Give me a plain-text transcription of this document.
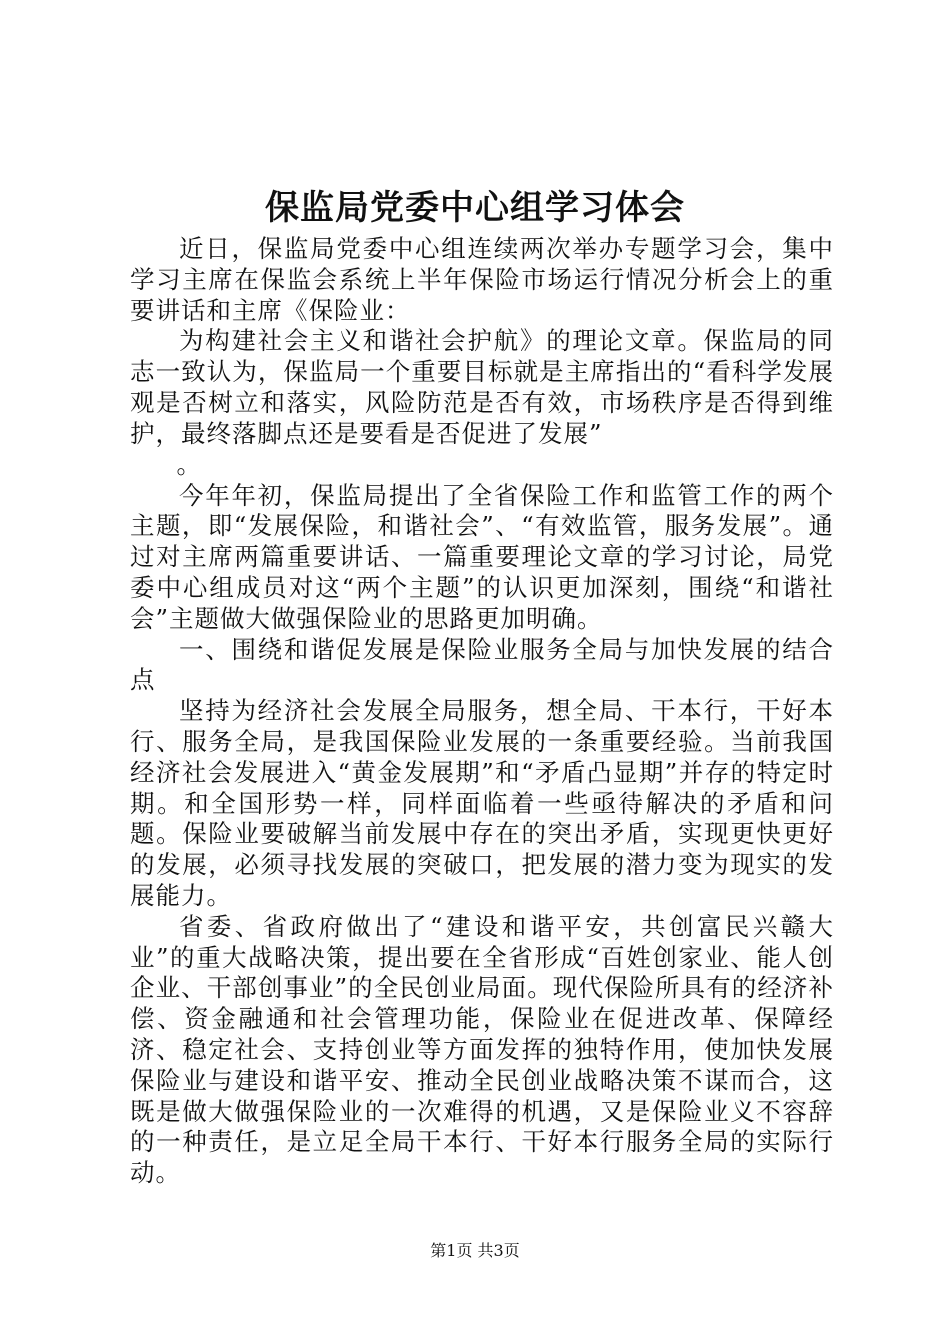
保监局党委中心组学习体会

近日，保监局党委中心组连续两次举办专题学习会，集中学习主席在保监会系统上半年保险市场运行情况分析会上的重要讲话和主席《保险业：

为构建社会主义和谐社会护航》的理论文章。保监局的同志一致认为，保监局一个重要目标就是主席指出的“看科学发展观是否树立和落实，风险防范是否有效，市场秩序是否得到维护，最终落脚点还是要看是否促进了发展”

。

今年年初，保监局提出了全省保险工作和监管工作的两个主题，即“发展保险，和谐社会”、“有效监管，服务发展”。通过对主席两篇重要讲话、一篇重要理论文章的学习讨论，局党委中心组成员对这“两个主题”的认识更加深刻，围绕“和谐社会”主题做大做强保险业的思路更加明确。

一、围绕和谐促发展是保险业服务全局与加快发展的结合点

坚持为经济社会发展全局服务，想全局、干本行，干好本行、服务全局，是我国保险业发展的一条重要经验。当前我国经济社会发展进入“黄金发展期”和“矛盾凸显期”并存的特定时期。和全国形势一样，同样面临着一些亟待解决的矛盾和问题。保险业要破解当前发展中存在的突出矛盾，实现更快更好的发展，必须寻找发展的突破口，把发展的潜力变为现实的发展能力。

省委、省政府做出了“建设和谐平安，共创富民兴赣大业”的重大战略决策，提出要在全省形成“百姓创家业、能人创企业、干部创事业”的全民创业局面。现代保险所具有的经济补偿、资金融通和社会管理功能，保险业在促进改革、保障经济、稳定社会、支持创业等方面发挥的独特作用，使加快发展保险业与建设和谐平安、推动全民创业战略决策不谋而合，这既是做大做强保险业的一次难得的机遇，又是保险业义不容辞的一种责任，是立足全局干本行、干好本行服务全局的实际行动。

第1页 共3页
